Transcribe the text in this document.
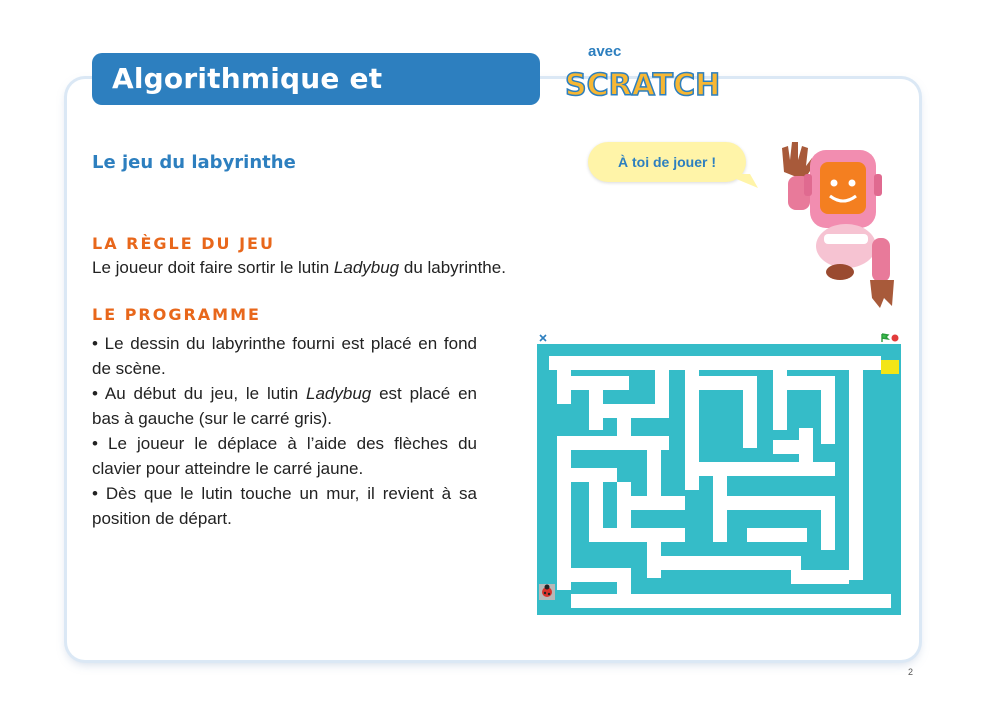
Algorithmique et programmation
avec
SCRATCH
Le jeu du labyrinthe	À toi de jouer !
LA RÈGLE DU JEU
Le joueur doit faire sortir le lutin Ladybug du labyrinthe.
LE PROGRAMME
• Le dessin du labyrinthe fourni est placé en fond de scène.
• Au début du jeu, le lutin Ladybug est placé en bas à gauche (sur le carré gris).
• Le joueur le déplace à l’aide des flèches du clavier pour atteindre le carré jaune.
• Dès que le lutin touche un mur, il revient à sa position de départ.
2
